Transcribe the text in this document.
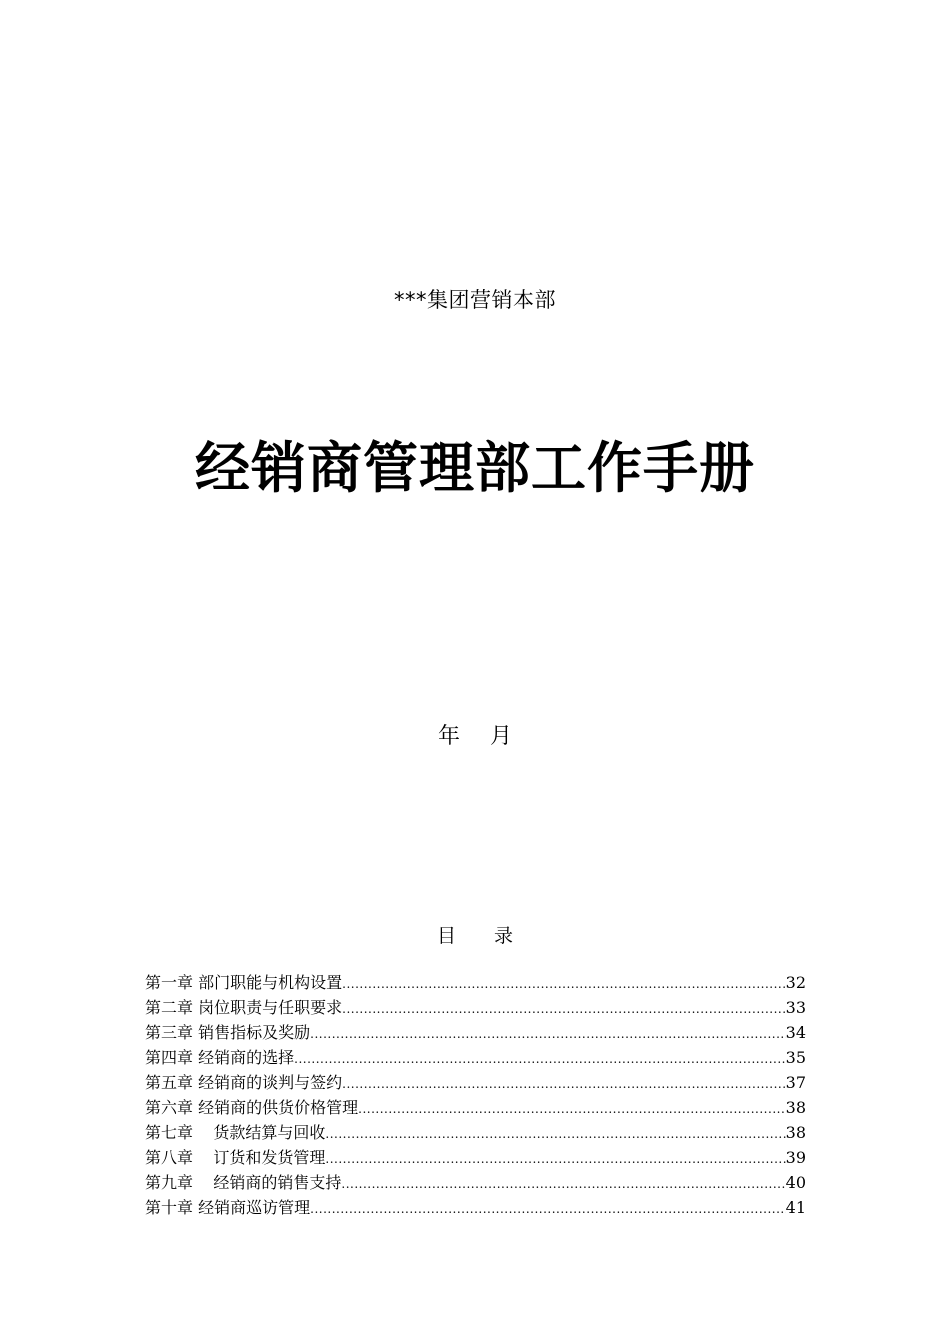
***集团营销本部
经销商管理部工作手册
年 月
目 录
第一章
部门职能与机构设置 .....	32
第二章
岗位职责与任职要求 .....	33
第三章
销售指标及奖励 .....	34
第四章
经销商的选择 .....	35
第五章
经销商的谈判与签约 .....	37
第六章
经销商的供货价格管理 .....	38
第七章
货款结算与回收 .....	38
第八章
订货和发货管理 .....	39
第九章
经销商的销售支持 .....	40
第十章
经销商巡访管理 .....	41
